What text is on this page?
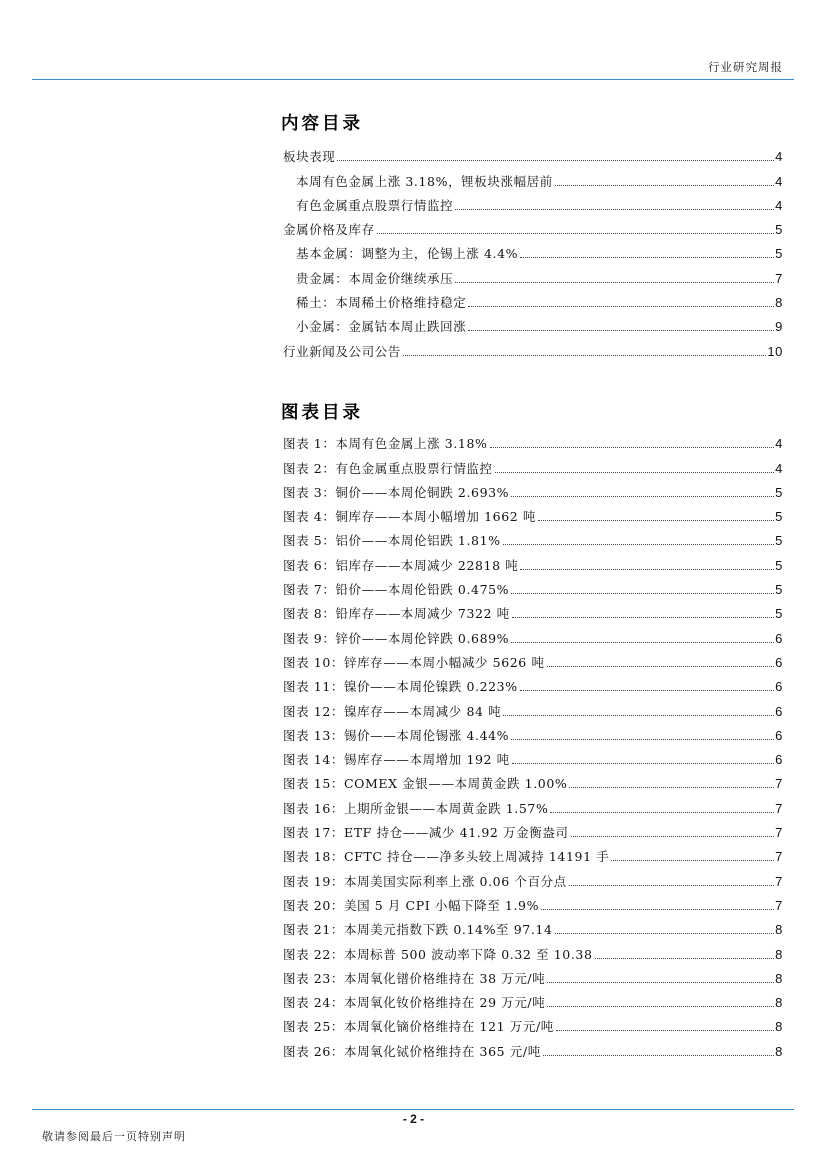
行业研究周报
内容目录
板块表现	4
本周有色金属上涨 3.18%，锂板块涨幅居前	4
有色金属重点股票行情监控	4
金属价格及库存	5
基本金属：调整为主，伦锡上涨 4.4%	5
贵金属：本周金价继续承压	7
稀土：本周稀土价格维持稳定	8
小金属：金属钴本周止跌回涨	9
行业新闻及公司公告	10
图表目录
图表 1：本周有色金属上涨 3.18%	4
图表 2：有色金属重点股票行情监控	4
图表 3：铜价——本周伦铜跌 2.693%	5
图表 4：铜库存——本周小幅增加 1662 吨	5
图表 5：铝价——本周伦铝跌 1.81%	5
图表 6：铝库存——本周减少 22818 吨	5
图表 7：铅价——本周伦铅跌 0.475%	5
图表 8：铅库存——本周减少 7322 吨	5
图表 9：锌价——本周伦锌跌 0.689%	6
图表 10：锌库存——本周小幅减少 5626 吨	6
图表 11：镍价——本周伦镍跌 0.223%	6
图表 12：镍库存——本周减少 84 吨	6
图表 13：锡价——本周伦锡涨 4.44%	6
图表 14：锡库存——本周增加 192 吨	6
图表 15：COMEX 金银——本周黄金跌 1.00%	7
图表 16：上期所金银——本周黄金跌 1.57%	7
图表 17：ETF 持仓——减少 41.92 万金衡盎司	7
图表 18：CFTC 持仓——净多头较上周减持 14191 手	7
图表 19：本周美国实际利率上涨 0.06 个百分点	7
图表 20：美国 5 月 CPI 小幅下降至 1.9%	7
图表 21：本周美元指数下跌 0.14%至 97.14	8
图表 22：本周标普 500 波动率下降 0.32 至 10.38	8
图表 23：本周氧化镨价格维持在 38 万元/吨	8
图表 24：本周氧化钕价格维持在 29 万元/吨	8
图表 25：本周氧化镝价格维持在 121 万元/吨	8
图表 26：本周氧化铽价格维持在 365 元/吨	8
- 2 -
敬请参阅最后一页特别声明
